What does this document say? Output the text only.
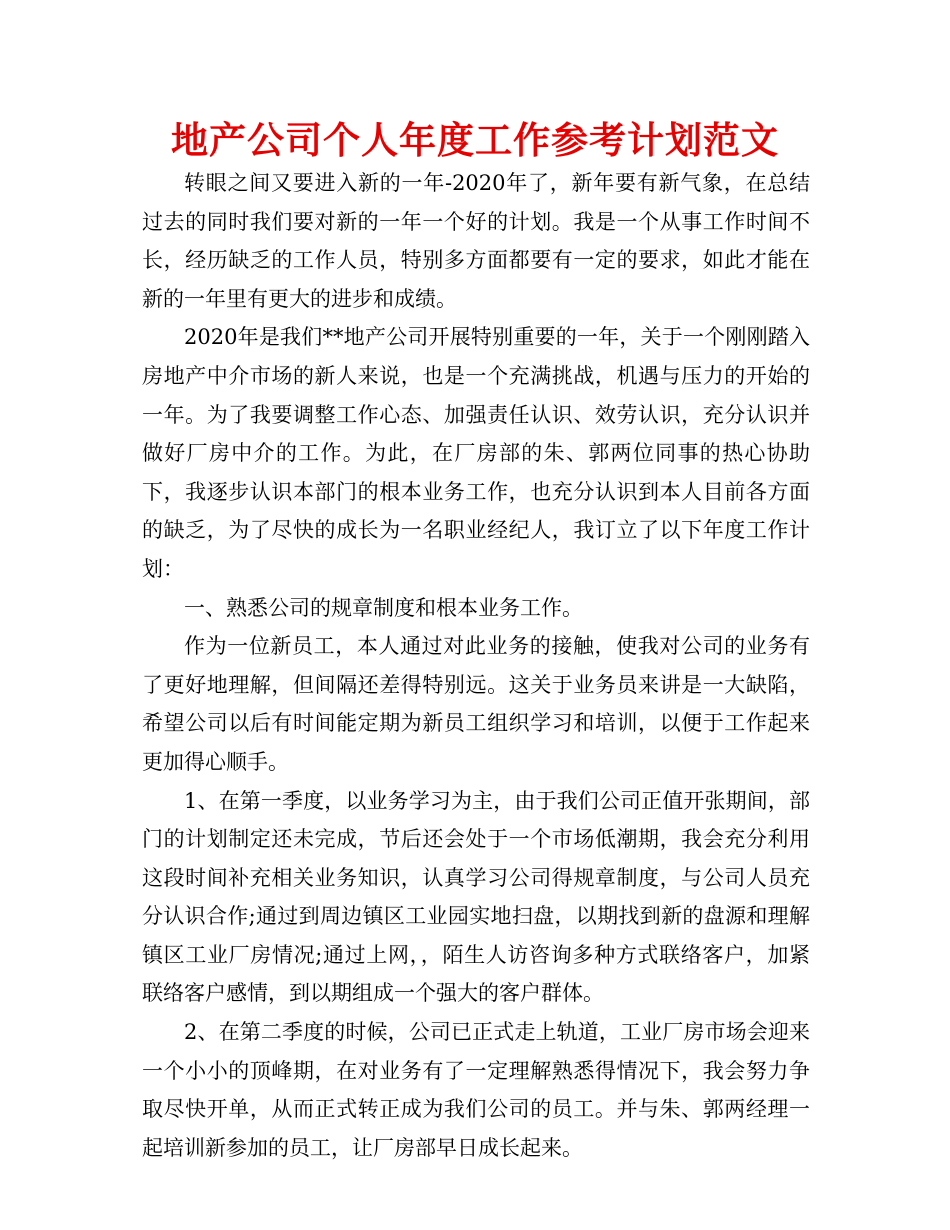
地产公司个人年度工作参考计划范文

转眼之间又要进入新的一年-2020年了，新年要有新气象，在总结过去的同时我们要对新的一年一个好的计划。我是一个从事工作时间不长，经历缺乏的工作人员，特别多方面都要有一定的要求，如此才能在新的一年里有更大的进步和成绩。

2020年是我们**地产公司开展特别重要的一年，关于一个刚刚踏入房地产中介市场的新人来说，也是一个充满挑战，机遇与压力的开始的一年。为了我要调整工作心态、加强责任认识、效劳认识，充分认识并做好厂房中介的工作。为此，在厂房部的朱、郭两位同事的热心协助下，我逐步认识本部门的根本业务工作，也充分认识到本人目前各方面的缺乏，为了尽快的成长为一名职业经纪人，我订立了以下年度工作计划：

一、熟悉公司的规章制度和根本业务工作。

作为一位新员工，本人通过对此业务的接触，使我对公司的业务有了更好地理解，但间隔还差得特别远。这关于业务员来讲是一大缺陷，希望公司以后有时间能定期为新员工组织学习和培训，以便于工作起来更加得心顺手。

1、在第一季度，以业务学习为主，由于我们公司正值开张期间，部门的计划制定还未完成，节后还会处于一个市场低潮期，我会充分利用这段时间补充相关业务知识，认真学习公司得规章制度，与公司人员充分认识合作;通过到周边镇区工业园实地扫盘，以期找到新的盘源和理解镇区工业厂房情况;通过上网，，陌生人访咨询多种方式联络客户，加紧联络客户感情，到以期组成一个强大的客户群体。

2、在第二季度的时候，公司已正式走上轨道，工业厂房市场会迎来一个小小的顶峰期，在对业务有了一定理解熟悉得情况下，我会努力争取尽快开单，从而正式转正成为我们公司的员工。并与朱、郭两经理一起培训新参加的员工，让厂房部早日成长起来。
